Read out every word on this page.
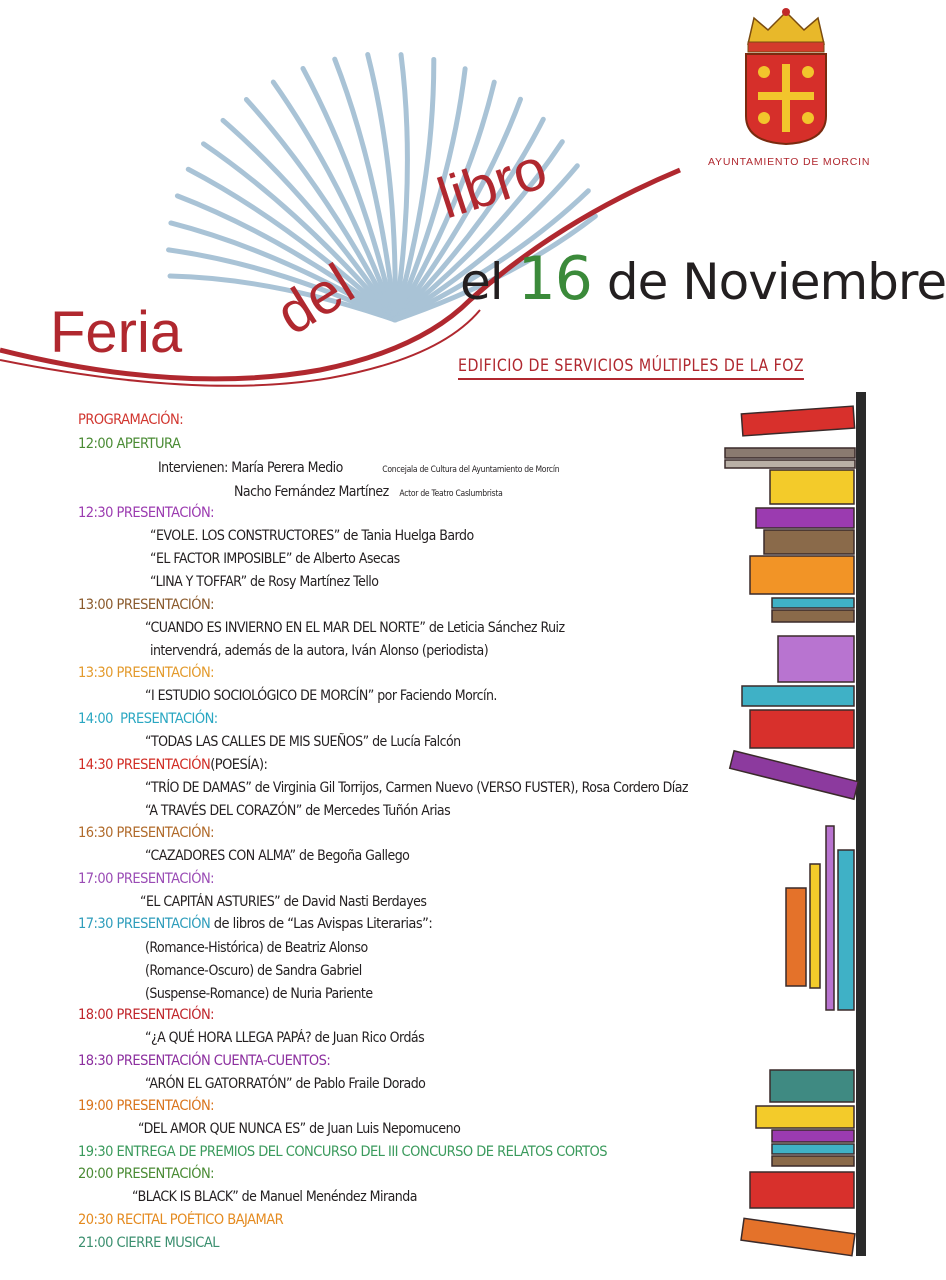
Feria del
libro	AYUNTAMIENTO DE MORCIN
el 16 de Noviembre
EDIFICIO DE SERVICIOS MÚLTIPLES DE LA FOZ
PROGRAMACIÓN:
12:00 APERTURA
Intervienen: María Perera Medio	Concejala de Cultura del Ayuntamiento de Morcín
Nacho Fernández Martínez Actor de Teatro Caslumbrista
12:30 PRESENTACIÓN:
“EVOLE. LOS CONSTRUCTORES” de Tania Huelga Bardo
“EL FACTOR IMPOSIBLE” de Alberto Asecas
“LINA Y TOFFAR” de Rosy Martínez Tello
13:00 PRESENTACIÓN:
“CUANDO ES INVIERNO EN EL MAR DEL NORTE” de Leticia Sánchez Ruiz
intervendrá, además de la autora, Iván Alonso (periodista)
13:30 PRESENTACIÓN:
“I ESTUDIO SOCIOLÓGICO DE MORCÍN” por Faciendo Morcín.
14:00 PRESENTACIÓN:
“TODAS LAS CALLES DE MIS SUEÑOS” de Lucía Falcón
14:30 PRESENTACIÓN(POESÍA):
“TRÍO DE DAMAS” de Virginia Gil Torrijos, Carmen Nuevo (VERSO FUSTER), Rosa Cordero Díaz
“A TRAVÉS DEL CORAZÓN” de Mercedes Tuñón Arias
16:30 PRESENTACIÓN:
“CAZADORES CON ALMA” de Begoña Gallego
17:00 PRESENTACIÓN:
“EL CAPITÁN ASTURIES” de David Nasti Berdayes
17:30 PRESENTACIÓN de libros de “Las Avispas Literarias”:
(Romance-Histórica) de Beatriz Alonso
(Romance-Oscuro) de Sandra Gabriel
(Suspense-Romance) de Nuria Pariente
18:00 PRESENTACIÓN:
“¿A QUÉ HORA LLEGA PAPÁ? de Juan Rico Ordás
18:30 PRESENTACIÓN CUENTA-CUENTOS:
“ARÓN EL GATORRATÓN” de Pablo Fraile Dorado
19:00 PRESENTACIÓN:
“DEL AMOR QUE NUNCA ES” de Juan Luis Nepomuceno
19:30 ENTREGA DE PREMIOS DEL CONCURSO DEL III CONCURSO DE RELATOS CORTOS
20:00 PRESENTACIÓN:
“BLACK IS BLACK” de Manuel Menéndez Miranda
20:30 RECITAL POÉTICO BAJAMAR
21:00 CIERRE MUSICAL
